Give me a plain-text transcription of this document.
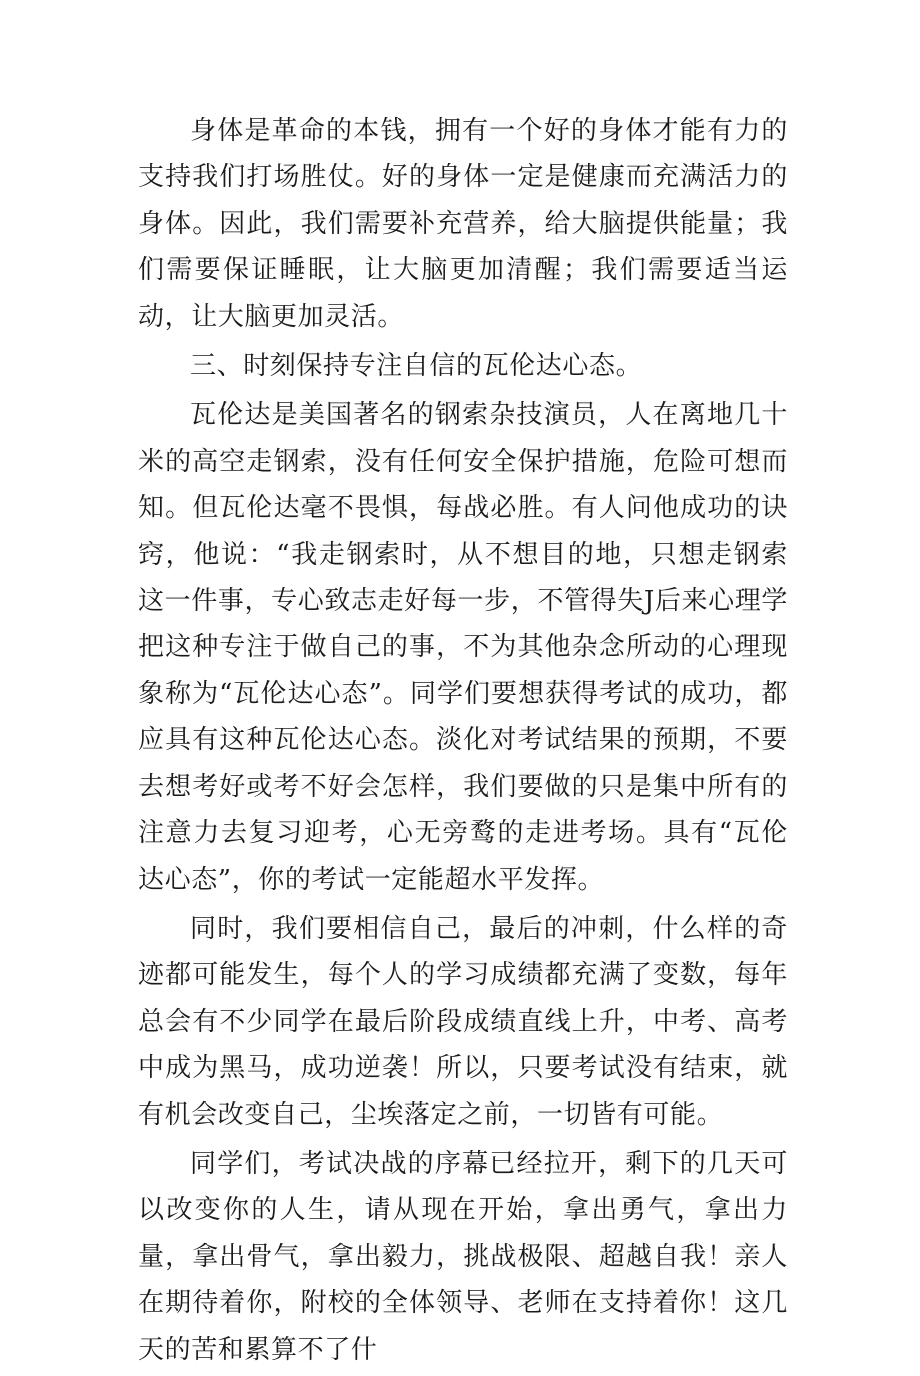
身体是革命的本钱，拥有一个好的身体才能有力的支持我们打场胜仗。好的身体一定是健康而充满活力的身体。因此，我们需要补充营养，给大脑提供能量；我们需要保证睡眠，让大脑更加清醒；我们需要适当运动，让大脑更加灵活。

三、时刻保持专注自信的瓦伦达心态。

瓦伦达是美国著名的钢索杂技演员，人在离地几十米的高空走钢索，没有任何安全保护措施，危险可想而知。但瓦伦达毫不畏惧，每战必胜。有人问他成功的诀窍，他说：“我走钢索时，从不想目的地，只想走钢索这一件事，专心致志走好每一步，不管得失J后来心理学把这种专注于做自己的事，不为其他杂念所动的心理现象称为“瓦伦达心态”。同学们要想获得考试的成功，都应具有这种瓦伦达心态。淡化对考试结果的预期，不要去想考好或考不好会怎样，我们要做的只是集中所有的注意力去复习迎考，心无旁鹜的走进考场。具有“瓦伦达心态”，你的考试一定能超水平发挥。

同时，我们要相信自己，最后的冲刺，什么样的奇迹都可能发生，每个人的学习成绩都充满了变数，每年总会有不少同学在最后阶段成绩直线上升，中考、高考中成为黑马，成功逆袭！所以，只要考试没有结束，就有机会改变自己，尘埃落定之前，一切皆有可能。

同学们，考试决战的序幕已经拉开，剩下的几天可以改变你的人生，请从现在开始，拿出勇气，拿出力量，拿出骨气，拿出毅力，挑战极限、超越自我！亲人在期待着你，附校的全体领导、老师在支持着你！这几天的苦和累算不了什
